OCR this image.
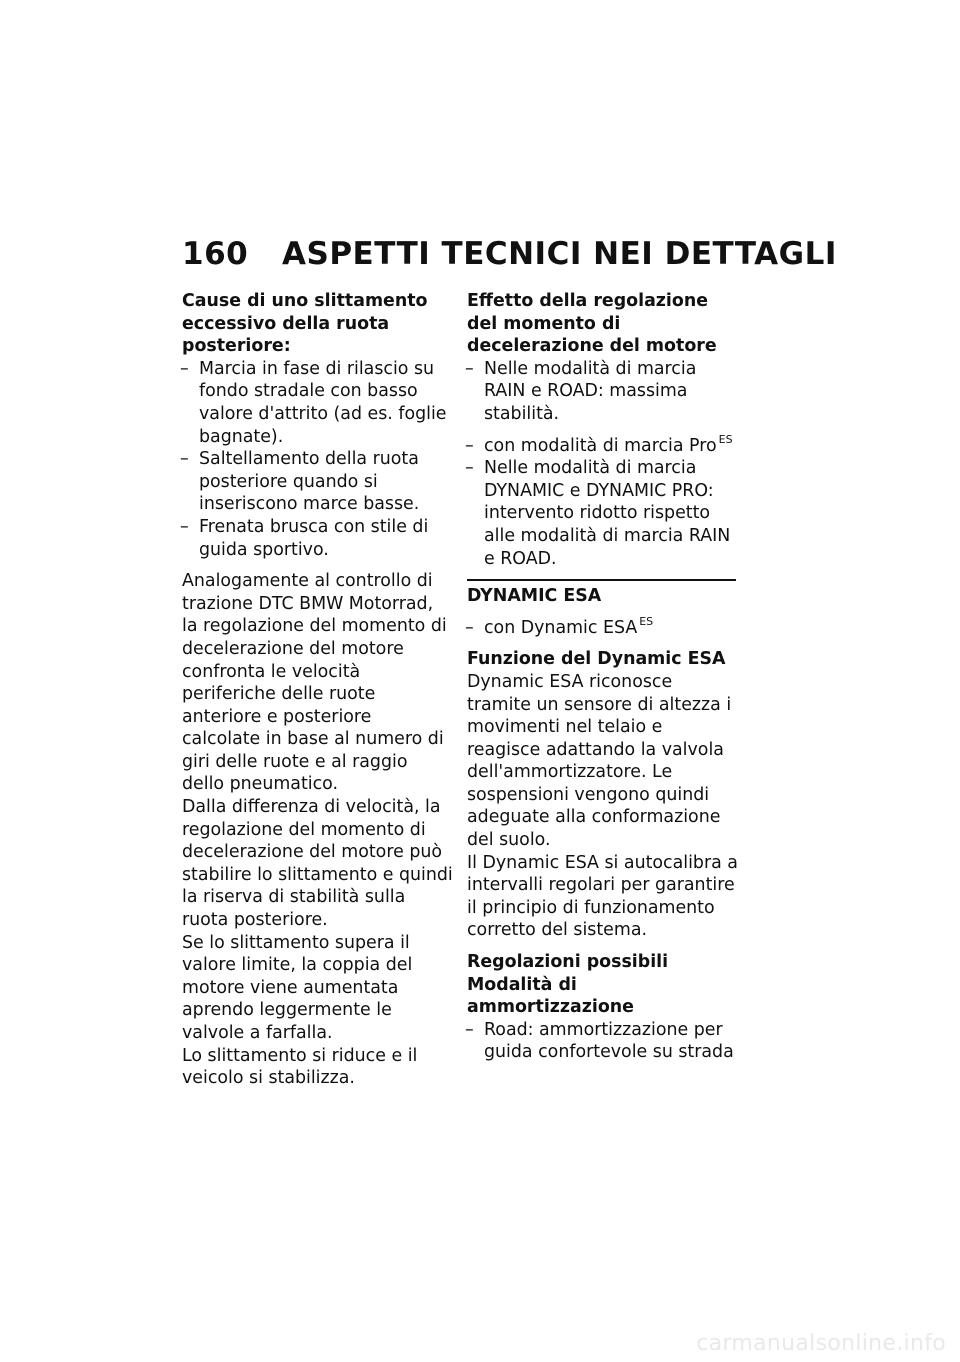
160 ASPETTI TECNICI NEI DETTAGLI

Cause di uno slittamento eccessivo della ruota posteriore:

– Marcia in fase di rilascio su fondo stradale con basso valore d'attrito (ad es. foglie bagnate).
– Saltellamento della ruota posteriore quando si inseriscono marce basse.
– Frenata brusca con stile di guida sportivo.

Analogamente al controllo di trazione DTC BMW Motorrad, la regolazione del momento di decelerazione del motore confronta le velocità periferiche delle ruote anteriore e posteriore calcolate in base al numero di giri delle ruote e al raggio dello pneumatico.

Dalla differenza di velocità, la regolazione del momento di decelerazione del motore può stabilire lo slittamento e quindi la riserva di stabilità sulla ruota posteriore.

Se lo slittamento supera il valore limite, la coppia del motore viene aumentata aprendo leggermente le valvole a farfalla.

Lo slittamento si riduce e il veicolo si stabilizza.

Effetto della regolazione del momento di decelerazione del motore

– Nelle modalità di marcia RAIN e ROAD: massima stabilità.
– con modalità di marcia Pro $^{ES}$
– Nelle modalità di marcia DYNAMIC e DYNAMIC PRO: intervento ridotto rispetto alle modalità di marcia RAIN e ROAD.

DYNAMIC ESA

– con Dynamic ESA $^{ES}$

Funzione del Dynamic ESA

Dynamic ESA riconosce tramite un sensore di altezza i movimenti nel telaio e reagisce adattando la valvola dell'ammortizzatore. Le sospensioni vengono quindi adeguate alla conformazione del suolo.

Il Dynamic ESA si autocalibra a intervalli regolari per garantire il principio di funzionamento corretto del sistema.

Regolazioni possibili

Modalità di ammortizzazione

– Road: ammortizzazione per guida confortevole su strada
carmanualsonline.info
